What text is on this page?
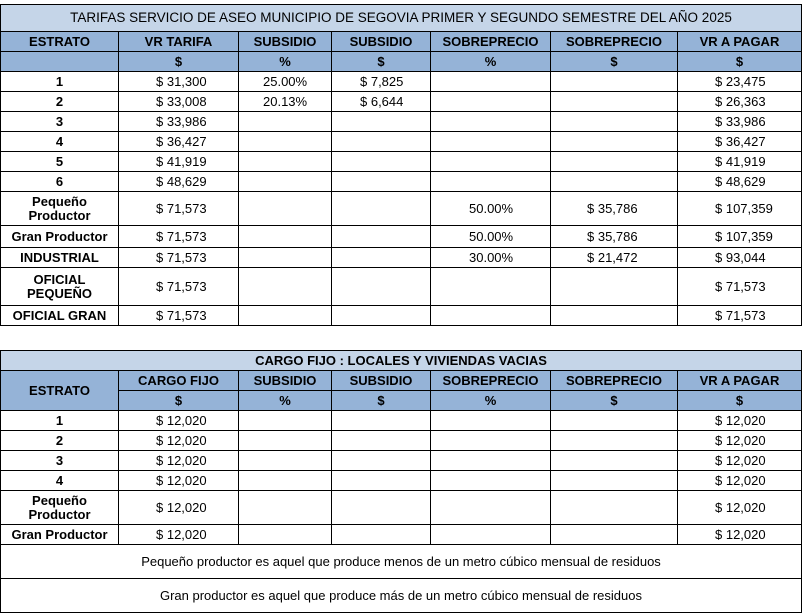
TARIFAS SERVICIO DE ASEO MUNICIPIO DE SEGOVIA PRIMER Y SEGUNDO SEMESTRE DEL AÑO 2025						
ESTRATO	VR TARIFA	SUBSIDIO	SUBSIDIO	SOBREPRECIO	SOBREPRECIO	VR A PAGAR
	$	%	$	%	$	$
1	$ 31,300	25.00%	$ 7,825			$ 23,475
2	$ 33,008	20.13%	$ 6,644			$ 26,363
3	$ 33,986					$ 33,986
4	$ 36,427					$ 36,427
5	$ 41,919					$ 41,919
6	$ 48,629					$ 48,629
Pequeño Productor	$ 71,573			50.00%	$ 35,786	$ 107,359
Gran Productor	$ 71,573			50.00%	$ 35,786	$ 107,359
INDUSTRIAL	$ 71,573			30.00%	$ 21,472	$ 93,044
OFICIAL PEQUEÑO	$ 71,573					$ 71,573
OFICIAL GRAN	$ 71,573					$ 71,573
CARGO FIJO : LOCALES Y VIVIENDAS VACIAS						
ESTRATO	CARGO FIJO	SUBSIDIO	SUBSIDIO	SOBREPRECIO	SOBREPRECIO	VR A PAGAR
	$	%	$	%	$	$
1	$ 12,020					$ 12,020
2	$ 12,020					$ 12,020
3	$ 12,020					$ 12,020
4	$ 12,020					$ 12,020
Pequeño Productor	$ 12,020					$ 12,020
Gran Productor	$ 12,020					$ 12,020
Pequeño productor es aquel que produce menos de un metro cúbico mensual de residuos						
Gran productor es aquel que produce más de un metro cúbico mensual de residuos						
